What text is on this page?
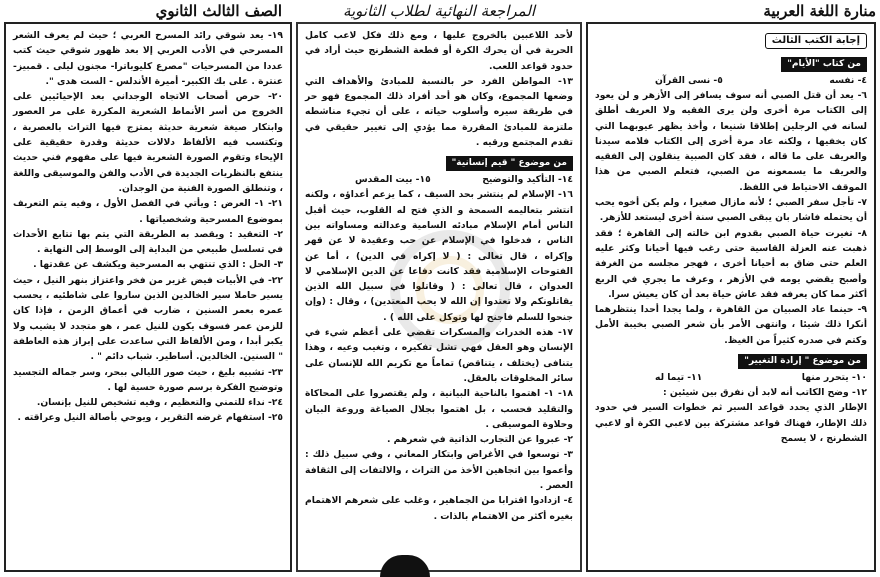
منارة اللغة العربية
المراجعة النهائية لطلاب الثانوية
الصف الثالث الثانوي
إجابة الكتب الثالث
من كتاب "الأيام"
٤- نفسه
٥- نسى القرآن

٦- يعد أن قتل الصبي أنه سوف يسافر إلى الأزهر و لن يعود إلى الكتاب مرة أخرى ولن يرى الفقيه ولا العريف أطلق لسانه في الرجلين إطلاقا شنيعا ، وأخذ يظهر عيوبهما التي كان يخفيها ، ولكنه عاد مرة أخرى إلى الكتاب فلامه سيدنا والعريف على ما قاله ، فقد كان الصبية ينقلون إلى الفقيه والعريف ما يسمعونه من الصبي، فتعلم الصبي من هذا الموقف الاحتياط في اللفظ.

٧- تأجل سفر الصبي ؛ لأنه مازال صغيرا ، ولم يكن أخوه يحب أن يحتمله فاشار بان يبقى الصبي سنة أخرى ليستعد للأزهر.

٨- تغيرت حياة الصبي بقدوم ابن خالته إلى القاهرة ؛ فقد ذهبت عنه العزلة القاسية حتى رغب فيها أحيانا وكثر عليه العلم حتى ضاق به أحيانا أخرى ، فهجر مجلسه من الغرفة وأصبح يقضي يومه في الأزهر ، وعرف ما يجري في الربع أكثر مما كان يعرفه فقد عاش حياة بعد أن كان يعيش سرا.

٩- حينما عاد الصبيان من القاهرة ، ولما يجدا أحدا ينتظرهما أنكرا ذلك شيئا ، وانتهى الأمر بأن شعر الصبي بخيبة الأمل وكتم في صدره كثيراً من الغيظ.

من موضوع " إرادة التغيير"
١٠- يتحرر منها
١١- تيما له

١٢- وضح الكاتب أنه لابد أن نفرق بين شيئين :

الإطار الذي يحدد قواعد السير ثم خطوات السير في حدود ذلك الإطار، فهناك قواعد مشتركة بين لاعبي الكرة أو لاعبي الشطرنج ، لا يسمح

لأحد اللاعبين بالخروج عليها ، ومع ذلك فكل لاعب كامل الحرية في أن يحرك الكرة أو قطعة الشطرنج حيث أراد في حدود قواعد اللعب.

١٣- المواطن الفرد حر بالنسبة للمبادئ والأهداف التي وضعها المجموع، وكان هو أحد أفراد ذلك المجموع فهو حر في طريقة سيره وأسلوب حياته ، على أن تجيء مناشطه ملتزمة للمبادئ المقررة مما يؤدي إلى تغيير حقيقي في تقدم المجتمع ورقيه .

من موضوع " قيم إنسانية"
١٤- التأكيد والتوضيح
١٥- بيت المقدس

١٦- الإسلام لم ينتشر بحد السيف ، كما يزعم أعداؤه ، ولكنه انتشر بتعاليمه السمحة و الذي فتح له القلوب، حيث أقبل الناس أمام الإسلام مبادئه السامية وعدالته ومساواته بين الناس ، فدخلوا في الإسلام عن حب وعقيدة لا عن قهر وإكراه ، قال تعالى : ( لا إكراه في الدين) ، أما عن الفتوحات الإسلامية فقد كانت دفاعا عن الدين الإسلامي لا العدوان ، قال تعالى : ( وقاتلوا في سبيل الله الذين يقاتلونكم ولا تعتدوا إن الله لا يحب المعتدين) ، وقال : (وإن جنحوا للسلم فاجنح لها وتوكل على الله ) .

١٧- هذه الخدرات والمسكرات تقضي على أعظم شيء في الإنسان وهو العقل فهي تشل تفكيره ، وتغيب وعيه ، وهذا يتنافى (يختلف ، يتناقض) تماماً مع تكريم الله للإنسان على سائر المخلوقات بالعقل.

١٨- ١- اهتموا بالناحية البيانية ، ولم يقتصروا على المحاكاة والتقليد فحسب ، بل اهتموا بجلال الصياغة وروعة البيان وحلاوة الموسيقى .

٢- عبروا عن التجارب الذاتية في شعرهم .

٣- توسعوا في الأغراض وابتكار المعاني ، وفي سبيل ذلك : وأعموا بين اتجاهين الأخذ من التراث ، والالتفات إلى الثقافة العصر .

٤- ازدادوا اقترابا من الجماهير ، وغلب على شعرهم الاهتمام بغيره أكثر من الاهتمام بالذات .

١٩- يعد شوقي رائد المسرح العربي ؛ حيث لم يعرف الشعر المسرحي في الأدب العربي إلا بعد ظهور شوقي حيث كتب عددا من المسرحيات "مصرع كليوباترا- مجنون ليلى . قمبيز- عنترة . على بك الكبير- أميرة الأندلس - الست هدى ".

٢٠- حرص أصحاب الاتجاه الوجداني بعد الإحيائيين على الخروج من أسر الأنماط الشعرية المكررة على مر العصور وابتكار صيغة شعرية حديثة يمتزج فيها التراث بالعصرية ، وتكتسب فيه الألفاظ دلالات حديثة وقدرة حقيقية على الإيحاء وتقوم الصورة الشعرية فيها على مفهوم فني حديث ينتفع بالنظريات الجديدة في الأدب والفن والموسيقى واللغة ، وتنطلق الصورة الفنية من الوجدان.

٢١- ١- العرض : ويأتي في الفصل الأول ، وفيه يتم التعريف بموضوع المسرحية وشخصياتها .

٢- التعقيد : ويقصد به الطريقة التي يتم بها تتابع الأحداث في تسلسل طبيعي من البداية إلى الوسط إلى النهاية .

٣- الحل : الذي تنتهي به المسرحية ويكشف عن عقدتها .

٢٢- في الأبيات فيض غزير من فخر واعتزاز بنهر النيل ، حيث يسير حاملا سير الخالدين الذين ساروا على شاطئيه ، يحسب عمره بعمر السنين ، ضارب في أعماق الزمن ، فإذا كان للزمن عمر فسوف يكون للنيل عمر ، هو متجدد لا يشيب ولا يكبر أبدا ، ومن الألفاظ التي ساعدت على إبراز هذه العاطفة " السنين. الخالدين. أساطير. شباب دائم " .

٢٣- تشبيه بليغ ، حيث صور الليالي ببحر، وسر جماله التجسيد وتوضيح الفكرة برسم صورة حسية لها .

٢٤- نداء للتمني والتعظيم ، وفيه تشخيص للنيل بإنسان.

٢٥- استفهام غرضه التقرير ، ويوحي بأصالة النيل وعراقته .
